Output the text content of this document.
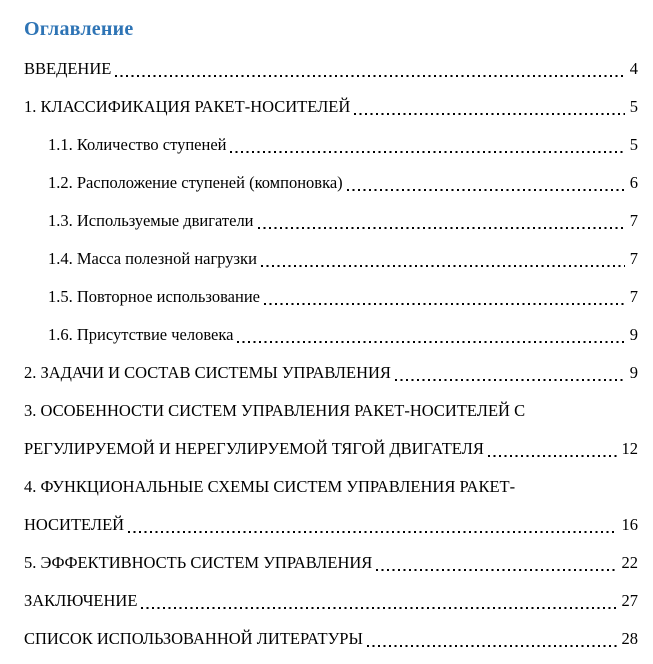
Оглавление
ВВЕДЕНИЕ	4
1. КЛАССИФИКАЦИЯ РАКЕТ-НОСИТЕЛЕЙ	5
1.1. Количество ступеней	5
1.2. Расположение ступеней (компоновка)	6
1.3. Используемые двигатели	7
1.4. Масса полезной нагрузки	7
1.5. Повторное использование	7
1.6. Присутствие человека	9
2. ЗАДАЧИ И СОСТАВ СИСТЕМЫ УПРАВЛЕНИЯ	9
3. ОСОБЕННОСТИ СИСТЕМ УПРАВЛЕНИЯ РАКЕТ-НОСИТЕЛЕЙ С
РЕГУЛИРУЕМОЙ И НЕРЕГУЛИРУЕМОЙ ТЯГОЙ ДВИГАТЕЛЯ	12
4. ФУНКЦИОНАЛЬНЫЕ СХЕМЫ СИСТЕМ УПРАВЛЕНИЯ РАКЕТ-
НОСИТЕЛЕЙ	16
5. ЭФФЕКТИВНОСТЬ СИСТЕМ УПРАВЛЕНИЯ	22
ЗАКЛЮЧЕНИЕ	27
СПИСОК ИСПОЛЬЗОВАННОЙ ЛИТЕРАТУРЫ	28
